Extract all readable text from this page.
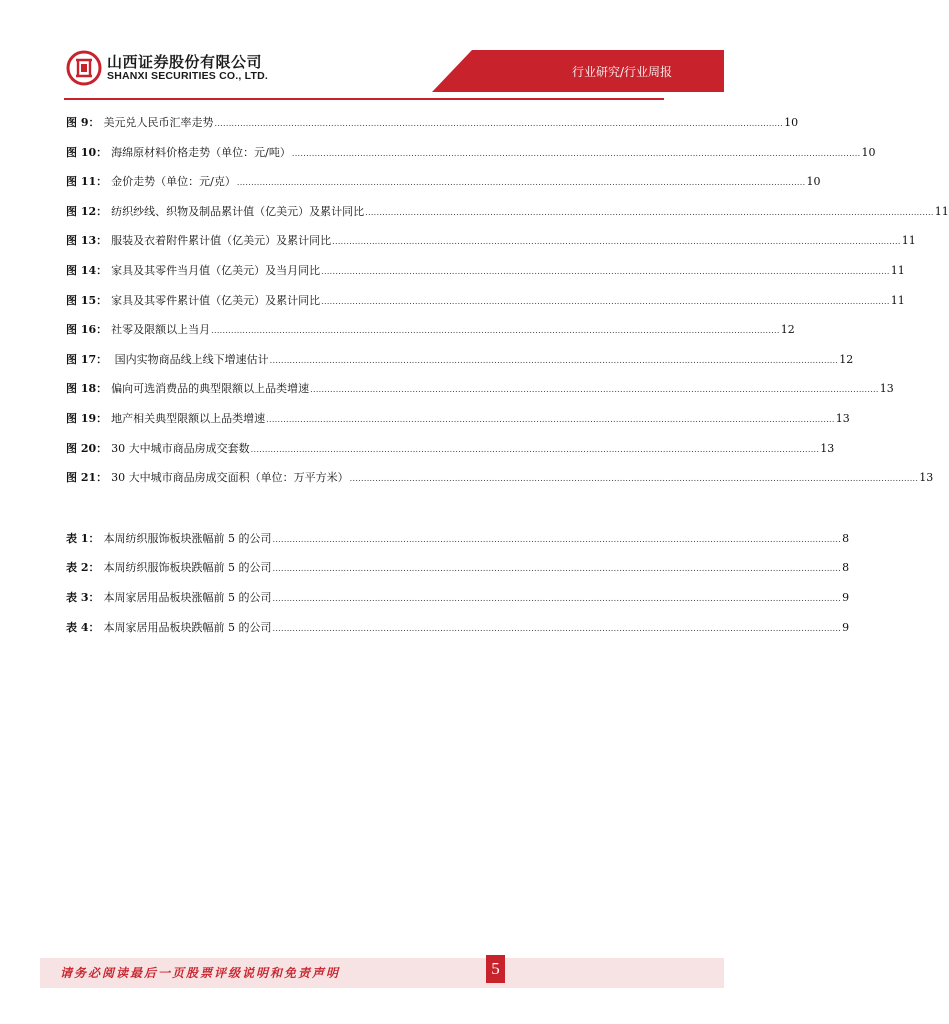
山西证券股份有限公司
SHANXI SECURITIES CO., LTD.	行业研究/行业周报
图 9： 美元兑人民币汇率走势 ........................................................................................................................................................................................................ 10
图 10： 海绵原材料价格走势（单位：元/吨） ........................................................................................................................................................................................................ 10
图 11： 金价走势（单位：元/克） ........................................................................................................................................................................................................ 10
图 12： 纺织纱线、织物及制品累计值（亿美元）及累计同比 ........................................................................................................................................................................................................ 11
图 13： 服装及衣着附件累计值（亿美元）及累计同比 ........................................................................................................................................................................................................ 11
图 14： 家具及其零件当月值（亿美元）及当月同比 ........................................................................................................................................................................................................ 11
图 15： 家具及其零件累计值（亿美元）及累计同比 ........................................................................................................................................................................................................ 11
图 16： 社零及限额以上当月 ........................................................................................................................................................................................................ 12
图 17： 国内实物商品线上线下增速估计 ........................................................................................................................................................................................................ 12
图 18： 偏向可选消费品的典型限额以上品类增速 ........................................................................................................................................................................................................ 13
图 19： 地产相关典型限额以上品类增速 ........................................................................................................................................................................................................ 13
图 20： 30 大中城市商品房成交套数 ........................................................................................................................................................................................................ 13
图 21： 30 大中城市商品房成交面积（单位：万平方米） ........................................................................................................................................................................................................ 13
表 1： 本周纺织服饰板块涨幅前 5 的公司 ........................................................................................................................................................................................................ 8
表 2： 本周纺织服饰板块跌幅前 5 的公司 ........................................................................................................................................................................................................ 8
表 3： 本周家居用品板块涨幅前 5 的公司 ........................................................................................................................................................................................................ 9
表 4： 本周家居用品板块跌幅前 5 的公司 ........................................................................................................................................................................................................ 9
请务必阅读最后一页股票评级说明和免责声明	5
